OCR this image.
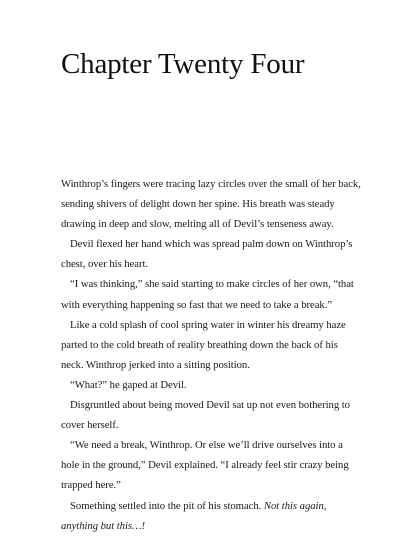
Chapter Twenty Four

Winthrop’s fingers were tracing lazy circles over the small of her back, sending shivers of delight down her spine. His breath was steady drawing in deep and slow, melting all of Devil’s tenseness away.

Devil flexed her hand which was spread palm down on Winthrop’s chest, over his heart.

“I was thinking,” she said starting to make circles of her own, “that with everything happening so fast that we need to take a break.”

Like a cold splash of cool spring water in winter his dreamy haze parted to the cold breath of reality breathing down the back of his neck. Winthrop jerked into a sitting position.

“What?” he gaped at Devil.

Disgruntled about being moved Devil sat up not even bothering to cover herself.

“We need a break, Winthrop. Or else we’ll drive ourselves into a hole in the ground,” Devil explained. “I already feel stir crazy being trapped here.”

Something settled into the pit of his stomach. Not this again, anything but this…!
